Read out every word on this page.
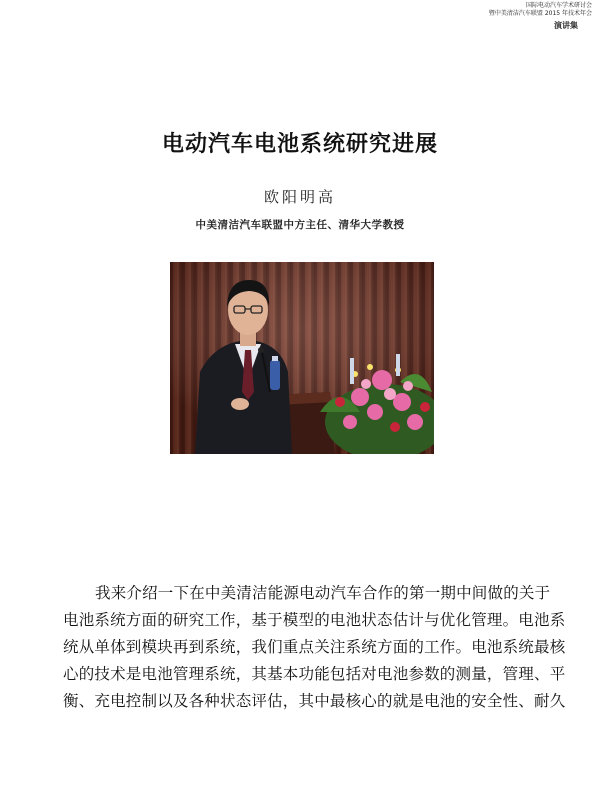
国际电动汽车学术研讨会
暨中美清洁汽车联盟 2015 年技术年会
演讲集
电动汽车电池系统研究进展
欧阳明高
中美清洁汽车联盟中方主任、清华大学教授
我来介绍一下在中美清洁能源电动汽车合作的第一期中间做的关于
电池系统方面的研究工作，基于模型的电池状态估计与优化管理。电池系
统从单体到模块再到系统，我们重点关注系统方面的工作。电池系统最核
心的技术是电池管理系统，其基本功能包括对电池参数的测量，管理、平
衡、充电控制以及各种状态评估，其中最核心的就是电池的安全性、耐久
